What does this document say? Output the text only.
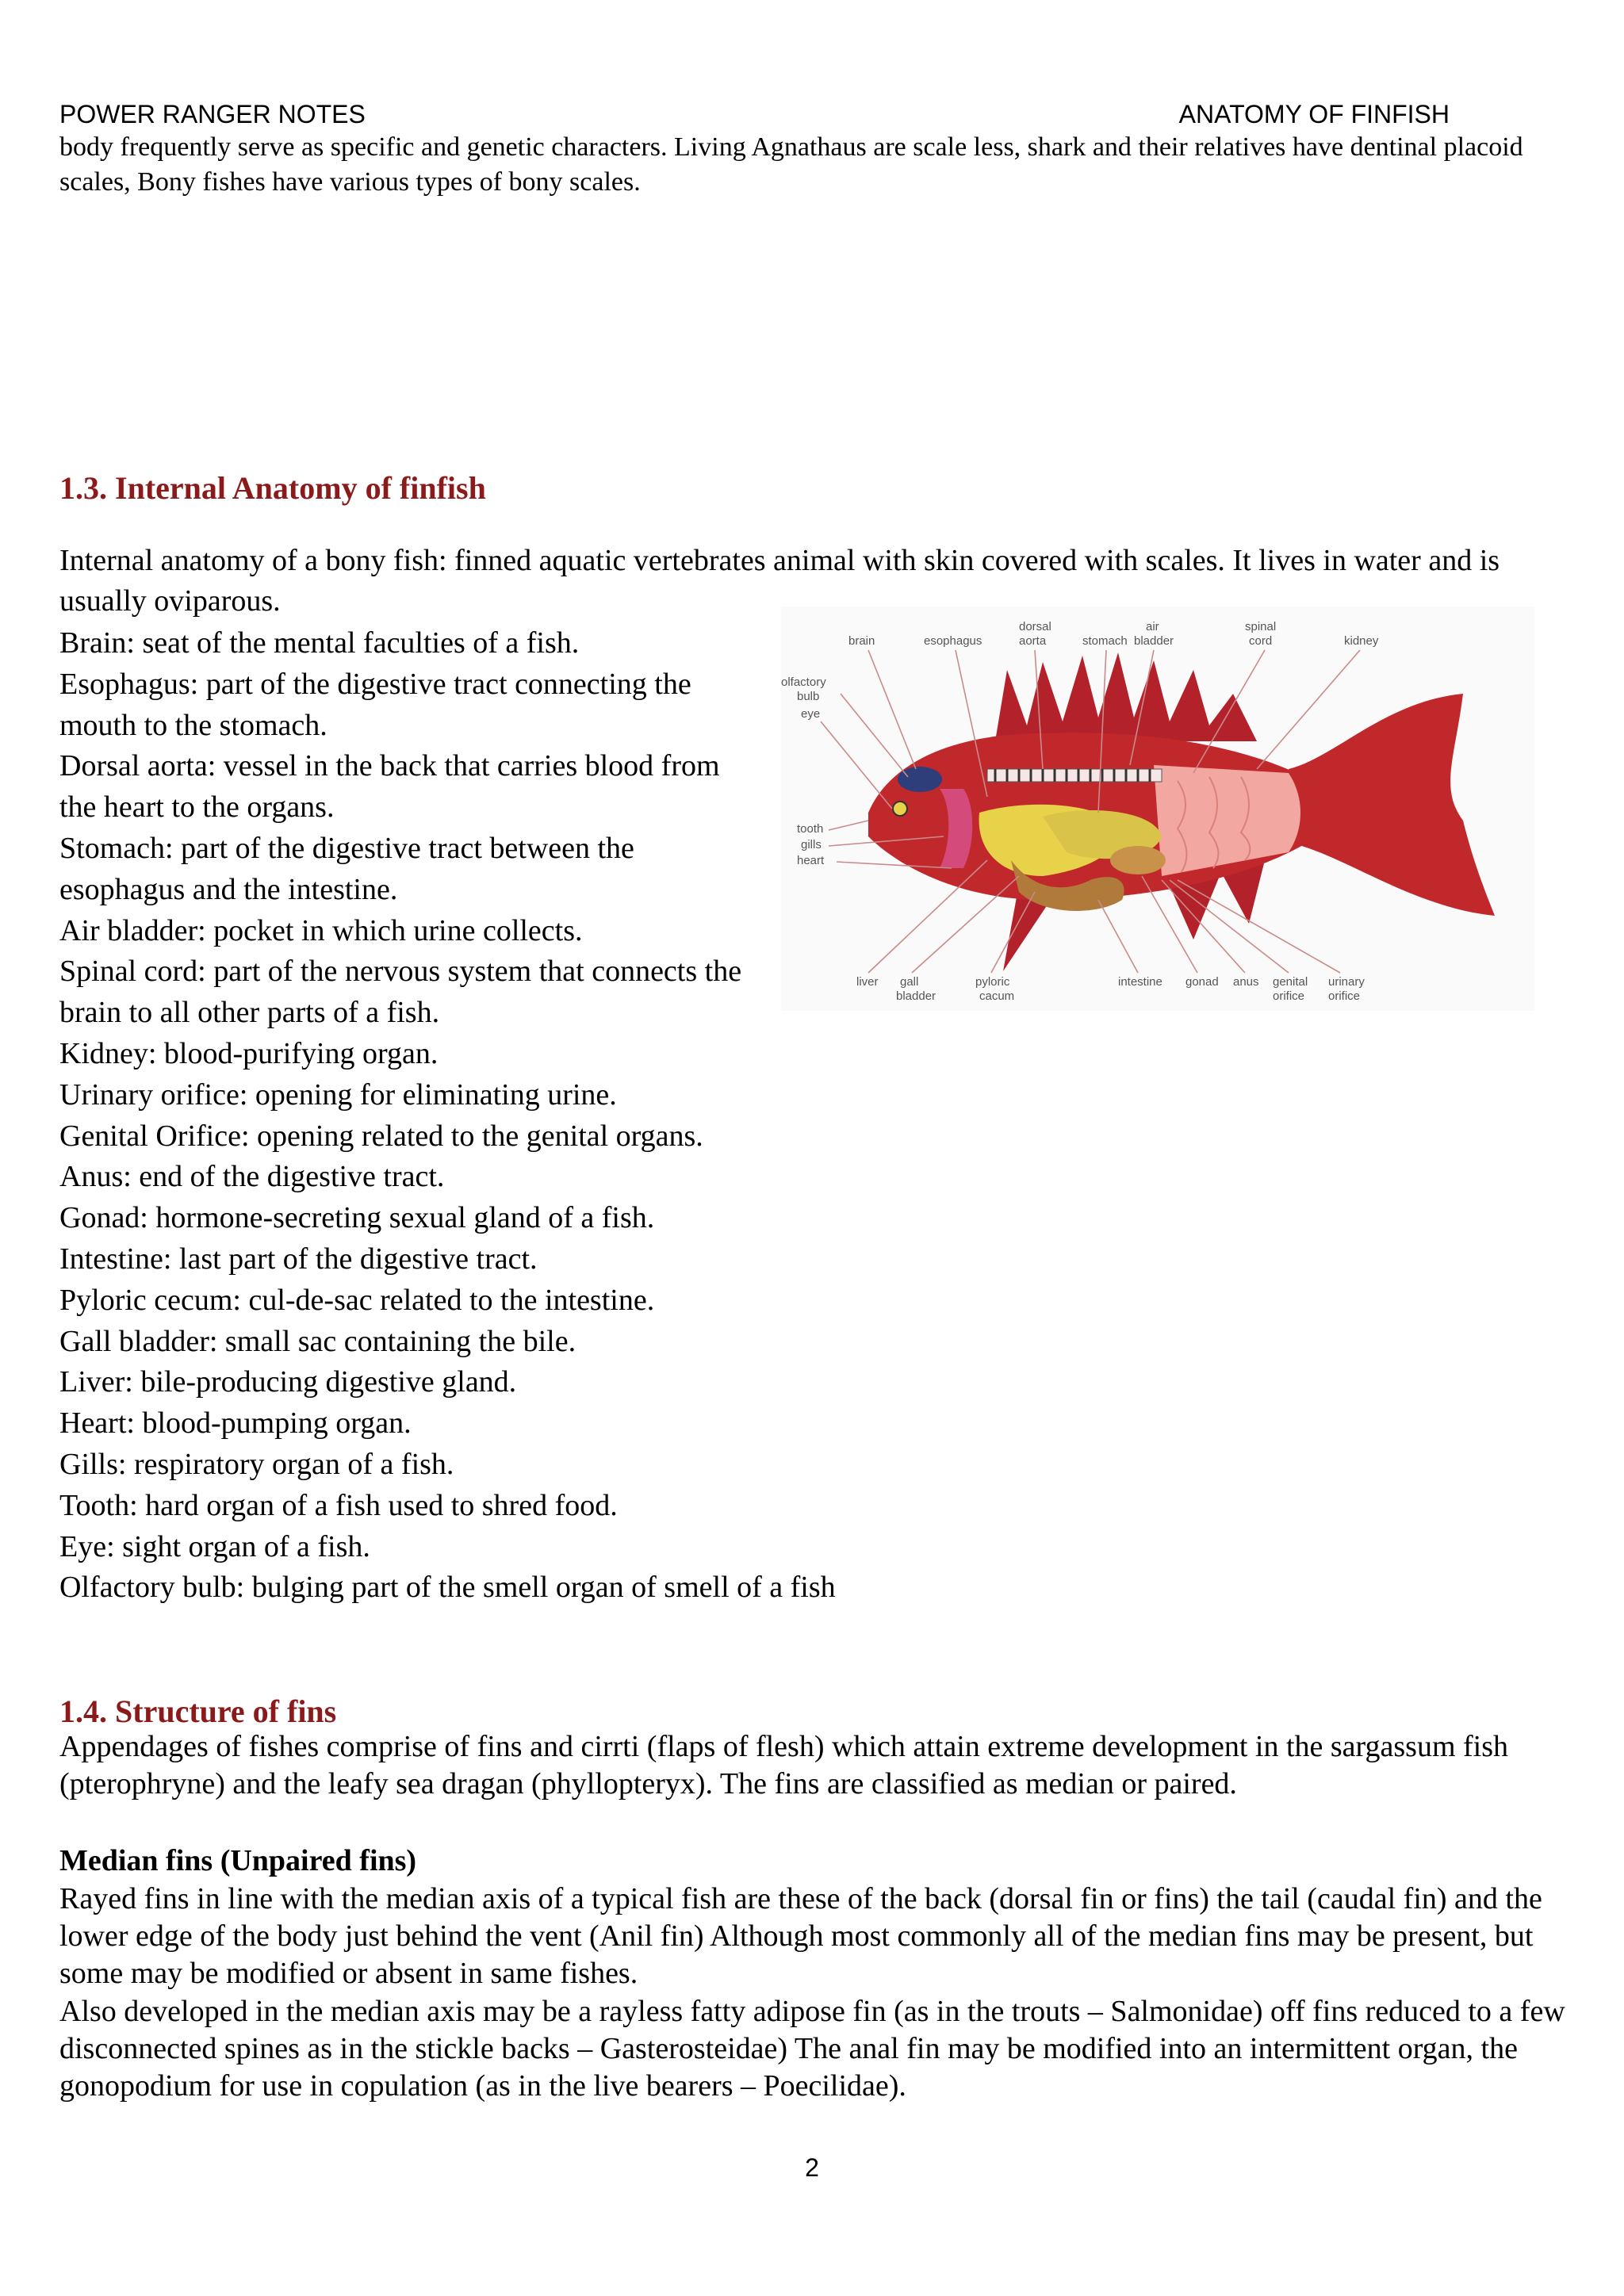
POWER RANGER NOTES	ANATOMY OF FINFISH
body frequently serve as specific and genetic characters. Living Agnathaus are scale less, shark and their relatives have dentinal placoid scales, Bony fishes have various types of bony scales.
1.3. Internal Anatomy of finfish
Internal anatomy of a bony fish: finned aquatic vertebrates animal with skin covered with scales. It lives in water and is usually oviparous.
Brain: seat of the mental faculties of a fish.
Esophagus: part of the digestive tract connecting the mouth to the stomach.
Dorsal aorta: vessel in the back that carries blood from the heart to the organs.
Stomach: part of the digestive tract between the esophagus and the intestine.
Air bladder: pocket in which urine collects.
Spinal cord: part of the nervous system that connects the brain to all other parts of a fish.
Kidney: blood-purifying organ.
Urinary orifice: opening for eliminating urine.
Genital Orifice: opening related to the genital organs.
Anus: end of the digestive tract.
Gonad: hormone-secreting sexual gland of a fish.
Intestine: last part of the digestive tract.
Pyloric cecum: cul-de-sac related to the intestine.
Gall bladder: small sac containing the bile.
Liver: bile-producing digestive gland.
Heart: blood-pumping organ.
Gills: respiratory organ of a fish.
Tooth: hard organ of a fish used to shred food.
Eye: sight organ of a fish.
Olfactory bulb: bulging part of the smell organ of smell of a fish
brain	esophagus
dorsal
aorta	stomach
air
bladder
spinal
cord	kidney
olfactory
bulb
eye
tooth
gills
heart
liver gall
bladder
pyloric
cacum
intestine gonad anus genital
orifice
urinary
orifice
1.4. Structure of fins
Appendages of fishes comprise of fins and cirrti (flaps of flesh) which attain extreme development in the sargassum fish (pterophryne) and the leafy sea dragan (phyllopteryx). The fins are classified as median or paired.
Median fins (Unpaired fins)
Rayed fins in line with the median axis of a typical fish are these of the back (dorsal fin or fins) the tail (caudal fin) and the lower edge of the body just behind the vent (Anil fin) Although most commonly all of the median fins may be present, but some may be modified or absent in same fishes.
Also developed in the median axis may be a rayless fatty adipose fin (as in the trouts – Salmonidae) off fins reduced to a few disconnected spines as in the stickle backs – Gasterosteidae) The anal fin may be modified into an intermittent organ, the gonopodium for use in copulation (as in the live bearers – Poecilidae).
2
